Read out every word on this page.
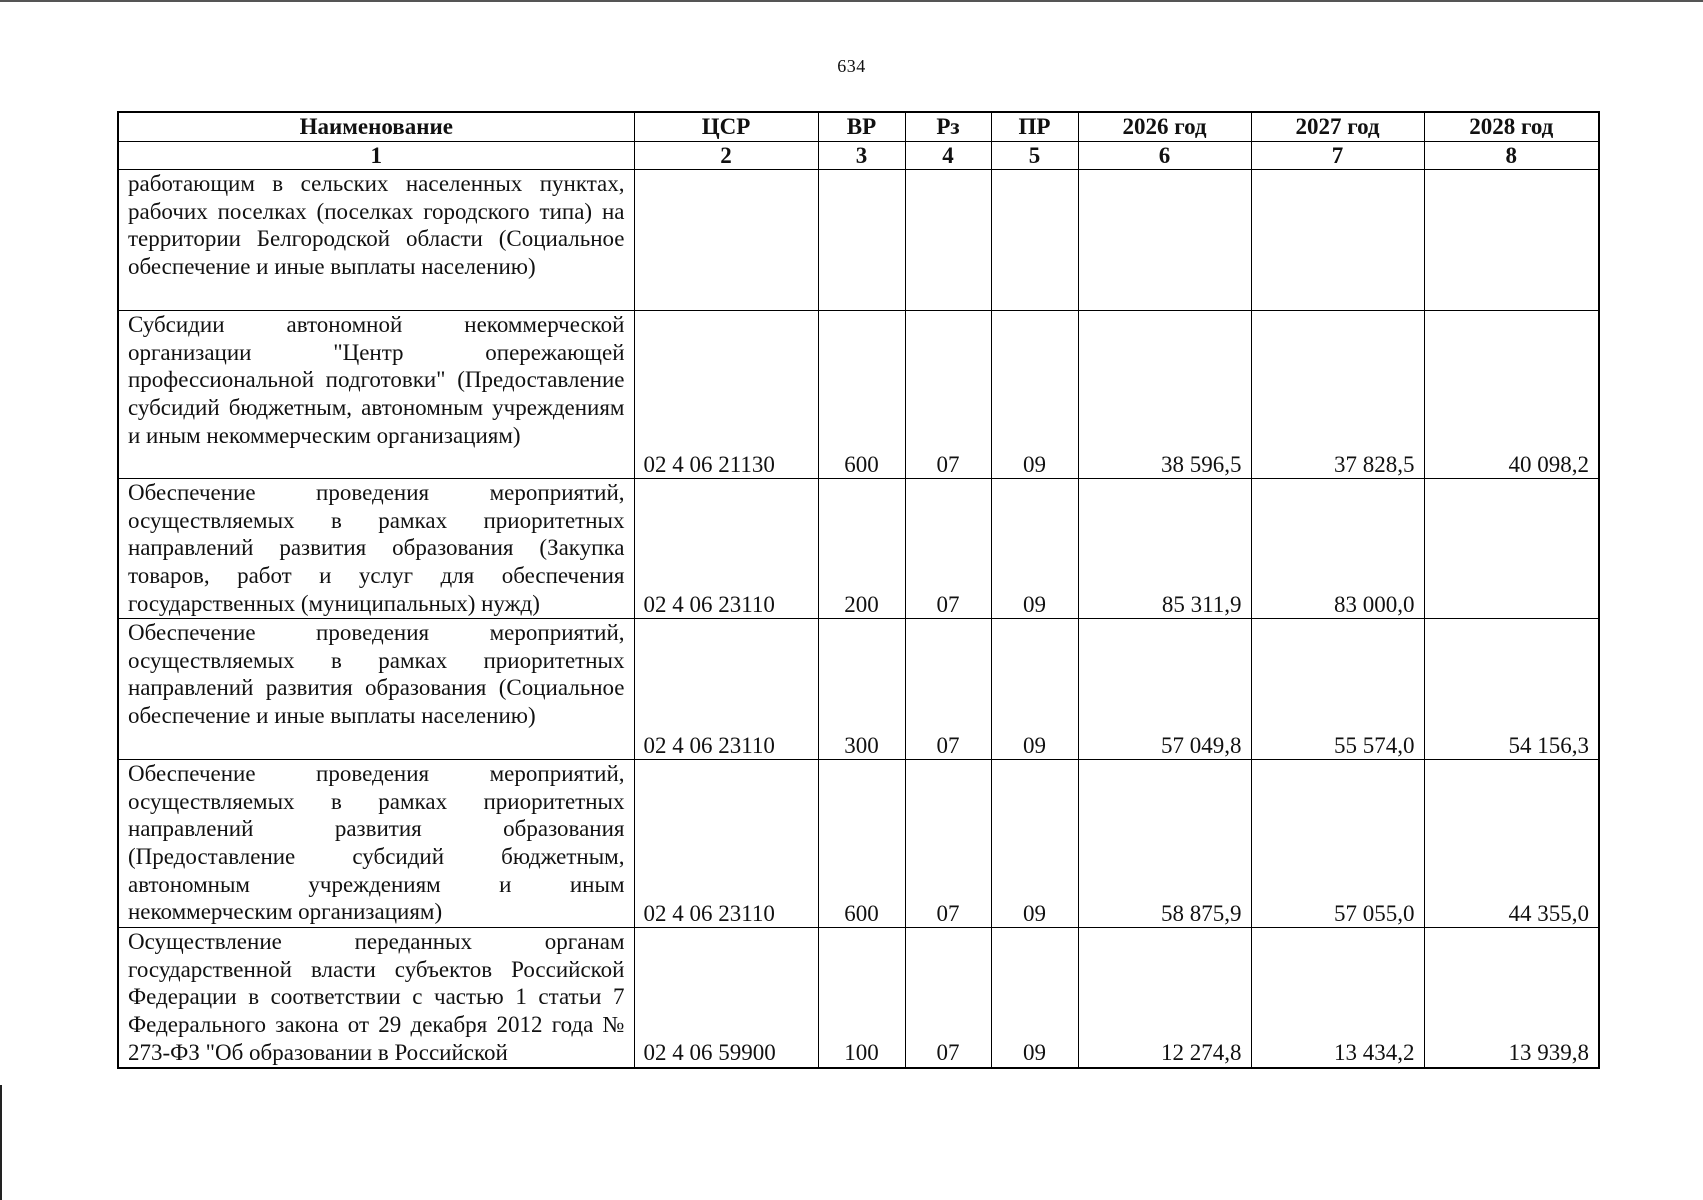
634
Наименование	ЦСР	ВР	Рз	ПР	2026 год	2027 год	2028 год
1	2	3	4	5	6	7	8
работающим в сельских населенных пунктах, рабочих поселках (поселках городского типа) на территории Белгородской области (Социальное обеспечение и иные выплаты населению)							
Субсидии автономной некоммерческой организации "Центр опережающей профессиональной подготовки" (Предоставление субсидий бюджетным, автономным учреждениям и иным некоммерческим организациям)	02 4 06 21130	600	07	09	38 596,5	37 828,5	40 098,2
Обеспечение проведения мероприятий, осуществляемых в рамках приоритетных направлений развития образования (Закупка товаров, работ и услуг для обеспечения государственных (муниципальных) нужд)	02 4 06 23110	200	07	09	85 311,9	83 000,0	
Обеспечение проведения мероприятий, осуществляемых в рамках приоритетных направлений развития образования (Социальное обеспечение и иные выплаты населению)	02 4 06 23110	300	07	09	57 049,8	55 574,0	54 156,3
Обеспечение проведения мероприятий, осуществляемых в рамках приоритетных направлений развития образования (Предоставление субсидий бюджетным, автономным учреждениям и иным некоммерческим организациям)	02 4 06 23110	600	07	09	58 875,9	57 055,0	44 355,0
Осуществление переданных органам государственной власти субъектов Российской Федерации в соответствии с частью 1 статьи 7 Федерального закона от 29 декабря 2012 года № 273-ФЗ "Об образовании в Российской	02 4 06 59900	100	07	09	12 274,8	13 434,2	13 939,8
